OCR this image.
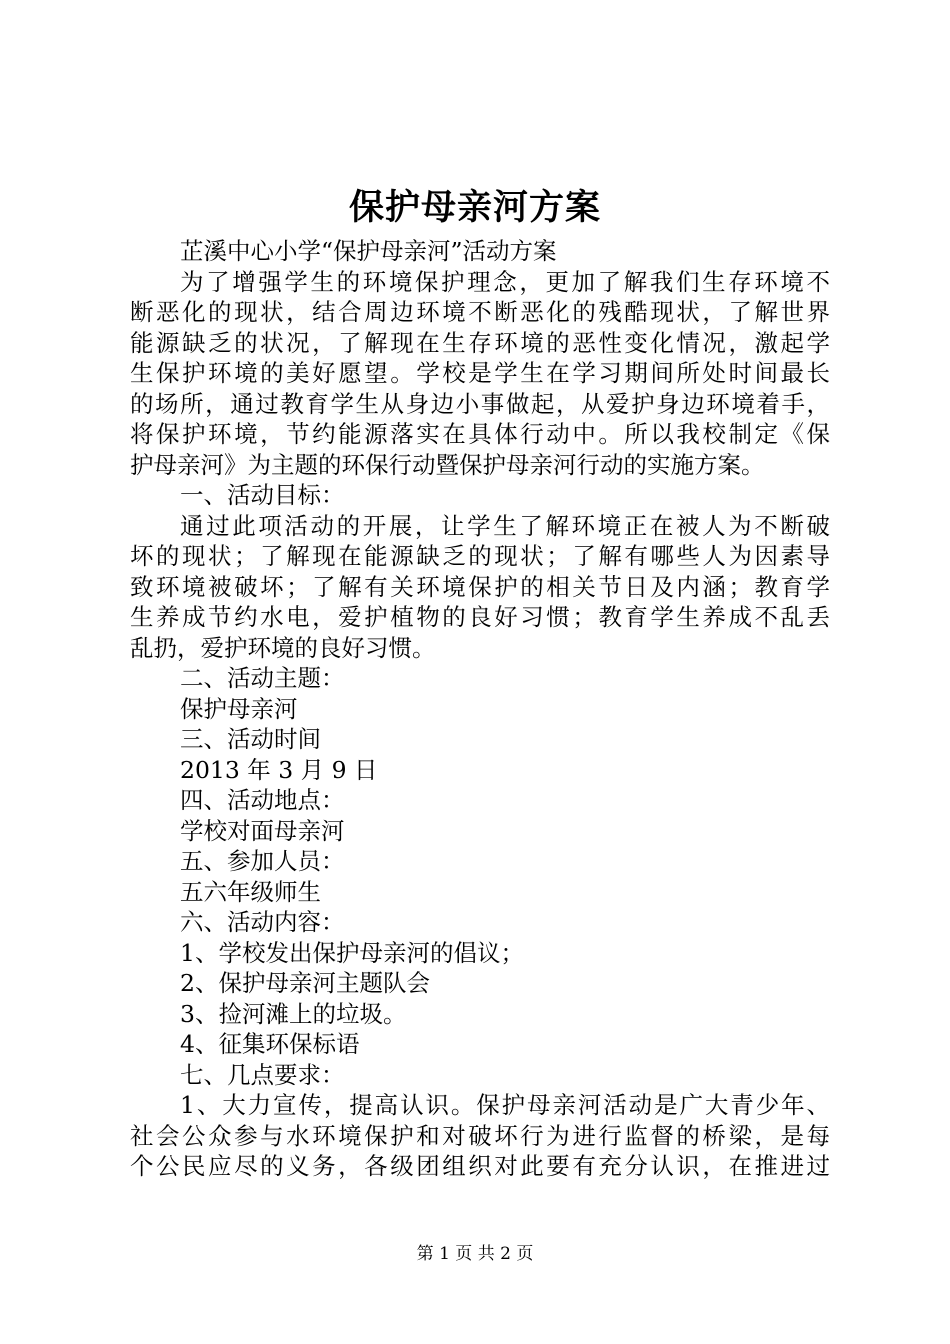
保护母亲河方案
芷溪中心小学“保护母亲河”活动方案
为了增强学生的环境保护理念，更加了解我们生存环境不
断恶化的现状，结合周边环境不断恶化的残酷现状，了解世界
能源缺乏的状况，了解现在生存环境的恶性变化情况，激起学
生保护环境的美好愿望。学校是学生在学习期间所处时间最长
的场所，通过教育学生从身边小事做起，从爱护身边环境着手，
将保护环境，节约能源落实在具体行动中。所以我校制定《保
护母亲河》为主题的环保行动暨保护母亲河行动的实施方案。
一、活动目标：
通过此项活动的开展，让学生了解环境正在被人为不断破
坏的现状；了解现在能源缺乏的现状；了解有哪些人为因素导
致环境被破坏；了解有关环境保护的相关节日及内涵；教育学
生养成节约水电，爱护植物的良好习惯；教育学生养成不乱丢
乱扔，爱护环境的良好习惯。
二、活动主题：
保护母亲河
三、活动时间
2013 年 3 月 9 日
四、活动地点：
学校对面母亲河
五、参加人员：
五六年级师生
六、活动内容：
1、学校发出保护母亲河的倡议；
2、保护母亲河主题队会
3、捡河滩上的垃圾。
4、征集环保标语
七、几点要求：
1、大力宣传，提高认识。保护母亲河活动是广大青少年、
社会公众参与水环境保护和对破坏行为进行监督的桥梁，是每
个公民应尽的义务，各级团组织对此要有充分认识，在推进过
第 1 页 共 2 页
